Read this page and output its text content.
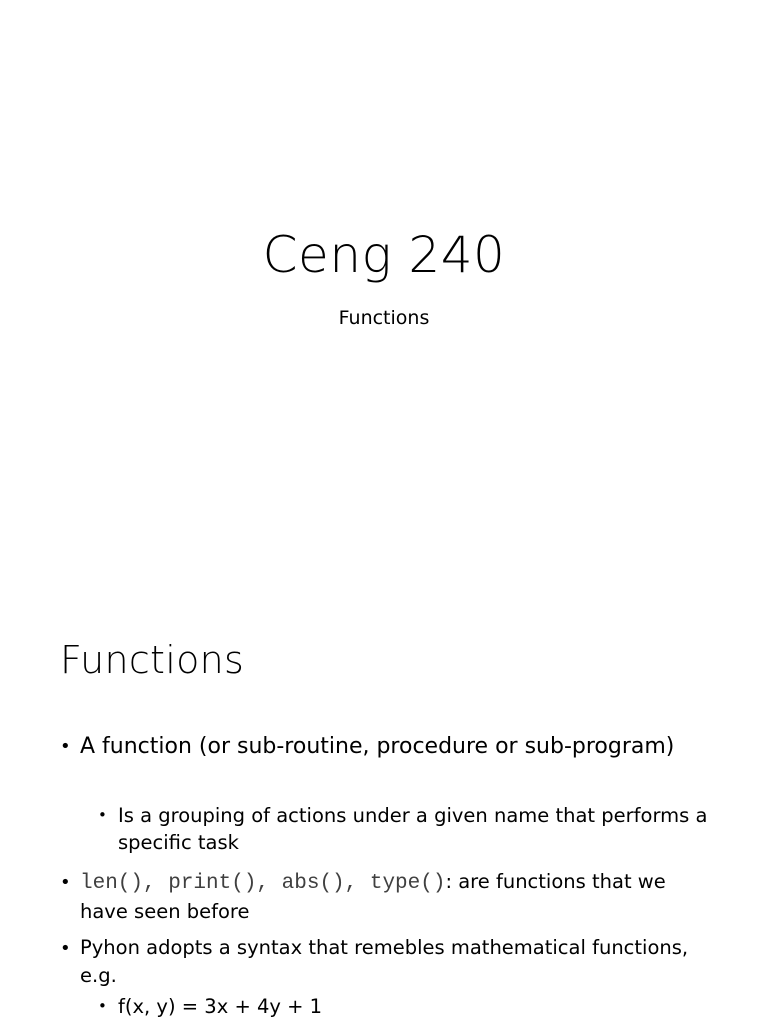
Ceng 240
Functions
Functions
• A function (or sub-routine, procedure or sub-program)
• Is a grouping of actions under a given name that performs a specific task
• len(), print(), abs(), type(): are functions that we have seen before
• Pyhon adopts a syntax that remebles mathematical functions, e.g.
• f(x, y) = 3x + 4y + 1
